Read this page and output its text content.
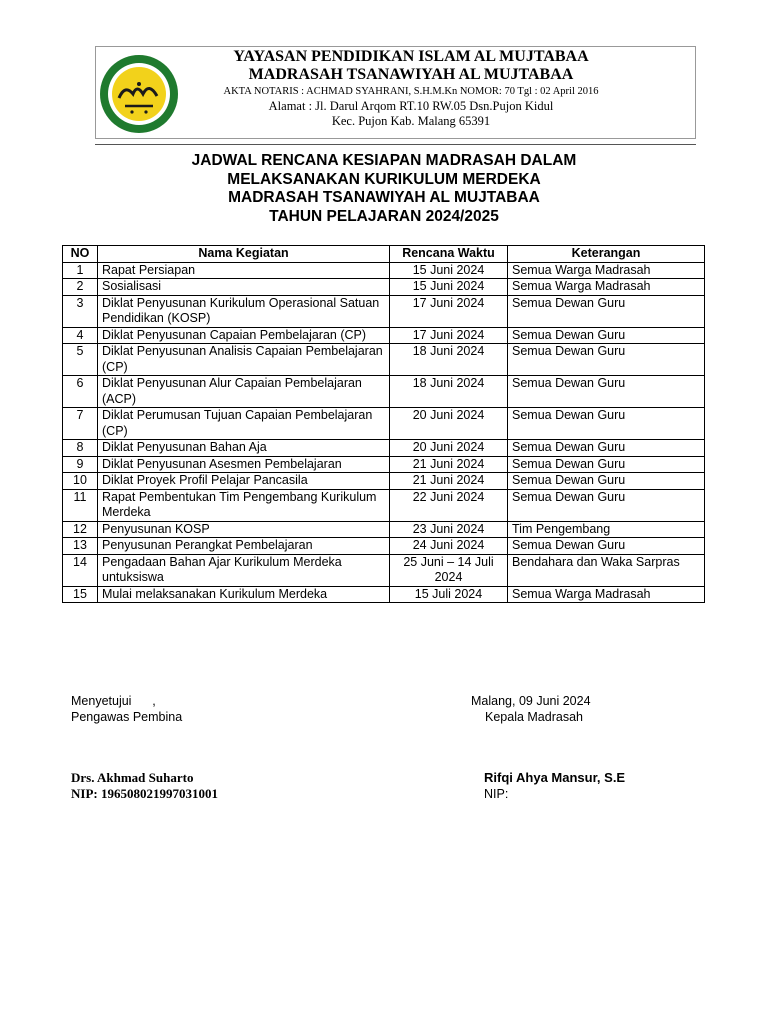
YAYASAN PENDIDIKAN ISLAM AL MUJTABAA
MADRASAH TSANAWIYAH AL MUJTABAA
AKTA NOTARIS : ACHMAD SYAHRANI, S.H.M.Kn NOMOR: 70 Tgl : 02 April 2016
Alamat : Jl. Darul Arqom RT.10 RW.05 Dsn.Pujon Kidul
Kec. Pujon Kab. Malang 65391
JADWAL RENCANA KESIAPAN MADRASAH DALAM
MELAKSANAKAN KURIKULUM MERDEKA
MADRASAH TSANAWIYAH AL MUJTABAA
TAHUN PELAJARAN 2024/2025
NO	Nama Kegiatan	Rencana Waktu	Keterangan
1	Rapat Persiapan	15 Juni 2024	Semua Warga Madrasah
2	Sosialisasi	15 Juni 2024	Semua Warga Madrasah
3	Diklat Penyusunan Kurikulum Operasional Satuan Pendidikan (KOSP)	17 Juni 2024	Semua Dewan Guru
4	Diklat Penyusunan Capaian Pembelajaran (CP)	17 Juni 2024	Semua Dewan Guru
5	Diklat Penyusunan Analisis Capaian Pembelajaran (CP)	18 Juni 2024	Semua Dewan Guru
6	Diklat Penyusunan Alur Capaian Pembelajaran (ACP)	18 Juni 2024	Semua Dewan Guru
7	Diklat Perumusan Tujuan Capaian Pembelajaran (CP)	20 Juni 2024	Semua Dewan Guru
8	Diklat Penyusunan Bahan Aja	20 Juni 2024	Semua Dewan Guru
9	Diklat Penyusunan Asesmen Pembelajaran	21 Juni 2024	Semua Dewan Guru
10	Diklat Proyek Profil Pelajar Pancasila	21 Juni 2024	Semua Dewan Guru
11	Rapat Pembentukan Tim Pengembang Kurikulum Merdeka	22 Juni 2024	Semua Dewan Guru
12	Penyusunan KOSP	23 Juni 2024	Tim Pengembang
13	Penyusunan Perangkat Pembelajaran	24 Juni 2024	Semua Dewan Guru
14	Pengadaan Bahan Ajar Kurikulum Merdeka untuksiswa	25 Juni – 14 Juli 2024	Bendahara dan Waka Sarpras
15	Mulai melaksanakan Kurikulum Merdeka	15 Juli 2024	Semua Warga Madrasah
Menyetujui      ,
Pengawas Pembina
Drs. Akhmad Suharto
NIP: 196508021997031001
Malang, 09 Juni 2024
Kepala Madrasah
Rifqi Ahya Mansur, S.E
NIP:
